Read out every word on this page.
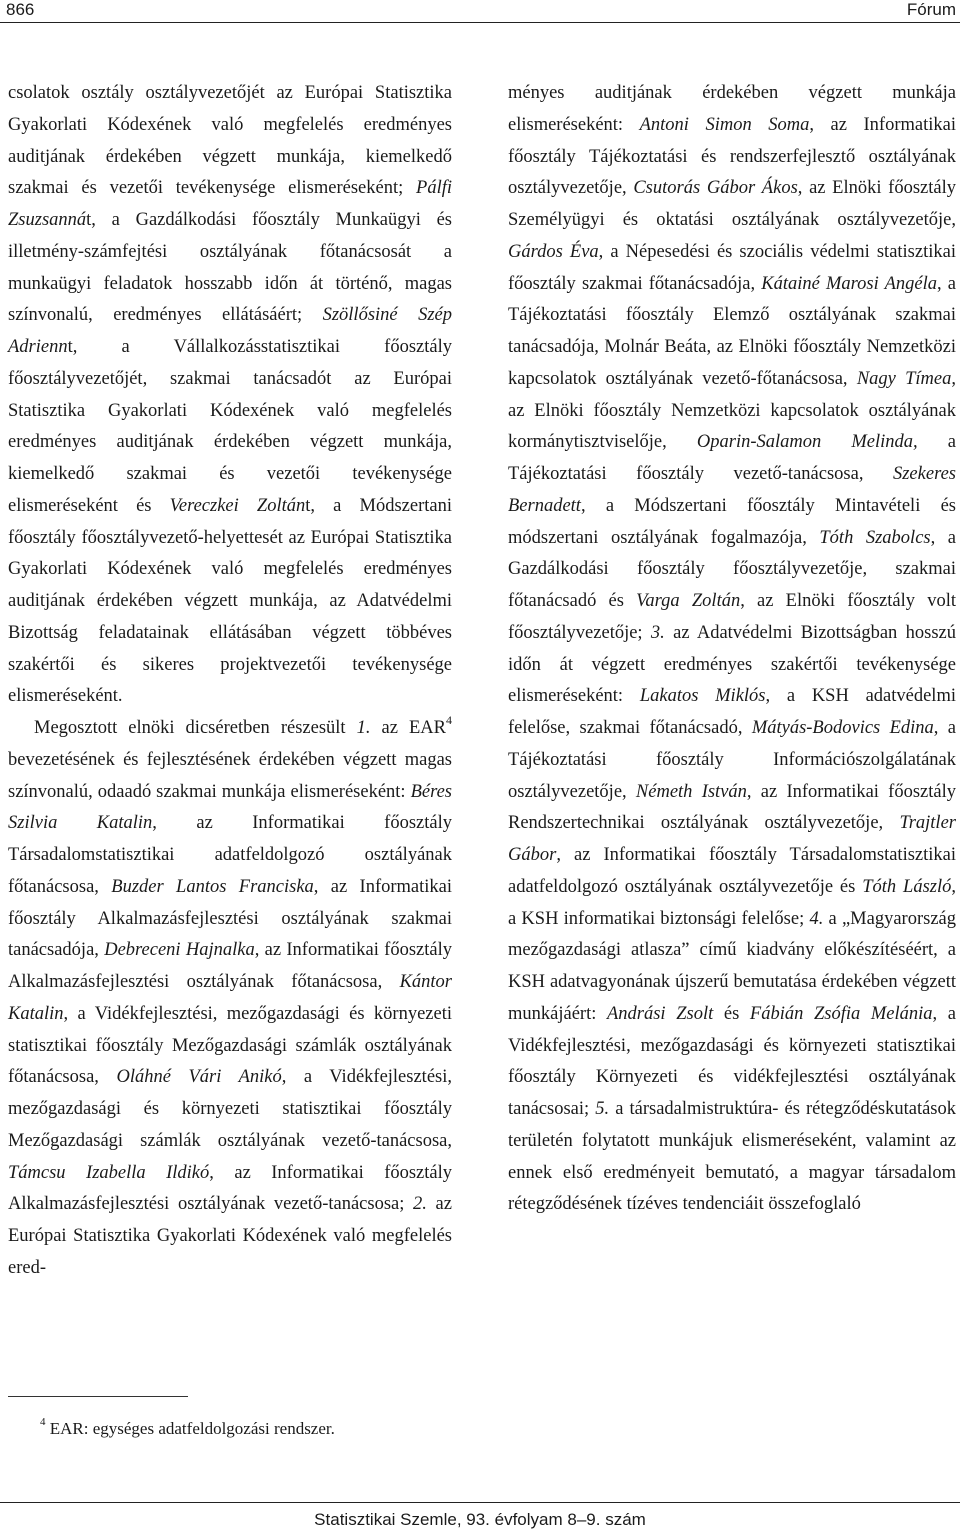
866	Fórum

csolatok osztály osztályvezetőjét az Európai Statisztika Gyakorlati Kódexének való megfelelés eredményes auditjának érdekében végzett munkája, kiemelkedő szakmai és vezetői tevékenysége elismeréseként; Pálfi Zsuzsannát, a Gazdálkodási főosztály Munkaügyi és illetmény-számfejtési osztályának főtanácsosát a munkaügyi feladatok hosszabb időn át történő, magas színvonalú, eredményes ellátásáért; Szöllősiné Szép Adriennt, a Vállalkozásstatisztikai főosztály főosztályvezetőjét, szakmai tanácsadót az Európai Statisztika Gyakorlati Kódexének való megfelelés eredményes auditjának érdekében végzett munkája, kiemelkedő szakmai és vezetői tevékenysége elismeréseként és Vereczkei Zoltánt, a Módszertani főosztály főosztályvezető-helyettesét az Európai Statisztika Gyakorlati Kódexének való megfelelés eredményes auditjának érdekében végzett munkája, az Adatvédelmi Bizottság feladatainak ellátásában végzett többéves szakértői és sikeres projektvezetői tevékenysége elismeréseként.

Megosztott elnöki dicséretben részesült 1. az EAR$^4$ bevezetésének és fejlesztésének érdekében végzett magas színvonalú, odaadó szakmai munkája elismeréseként: Béres Szilvia Katalin, az Informatikai főosztály Társadalomstatisztikai adatfeldolgozó osztályának főtanácsosa, Buzder Lantos Franciska, az Informatikai főosztály Alkalmazásfejlesztési osztályának szakmai tanácsadója, Debreceni Hajnalka, az Informatikai főosztály Alkalmazásfejlesztési osztályának főtanácsosa, Kántor Katalin, a Vidékfejlesztési, mezőgazdasági és környezeti statisztikai főosztály Mezőgazdasági számlák osztályának főtanácsosa, Oláhné Vári Anikó, a Vidékfejlesztési, mezőgazdasági és környezeti statisztikai főosztály Mezőgazdasági számlák osztályának vezető-tanácsosa, Támcsu Izabella Ildikó, az Informatikai főosztály Alkalmazásfejlesztési osztályának vezető-tanácsosa; 2. az Európai Statisztika Gyakorlati Kódexének való megfelelés ered-

ményes auditjának érdekében végzett munkája elismeréseként: Antoni Simon Soma, az Informatikai főosztály Tájékoztatási és rendszerfejlesztő osztályának osztályvezetője, Csutorás Gábor Ákos, az Elnöki főosztály Személyügyi és oktatási osztályának osztályvezetője, Gárdos Éva, a Népesedési és szociális védelmi statisztikai főosztály szakmai főtanácsadója, Kátainé Marosi Angéla, a Tájékoztatási főosztály Elemző osztályának szakmai tanácsadója, Molnár Beáta, az Elnöki főosztály Nemzetközi kapcsolatok osztályának vezető-főtanácsosa, Nagy Tímea, az Elnöki főosztály Nemzetközi kapcsolatok osztályának kormánytisztviselője, Oparin-Salamon Melinda, a Tájékoztatási főosztály vezető-tanácsosa, Szekeres Bernadett, a Módszertani főosztály Mintavételi és módszertani osztályának fogalmazója, Tóth Szabolcs, a Gazdálkodási főosztály főosztályvezetője, szakmai főtanácsadó és Varga Zoltán, az Elnöki főosztály volt főosztályvezetője; 3. az Adatvédelmi Bizottságban hosszú időn át végzett eredményes szakértői tevékenysége elismeréseként: Lakatos Miklós, a KSH adatvédelmi felelőse, szakmai főtanácsadó, Mátyás-Bodovics Edina, a Tájékoztatási főosztály Információszolgálatának osztályvezetője, Németh István, az Informatikai főosztály Rendszertechnikai osztályának osztályvezetője, Trajtler Gábor, az Informatikai főosztály Társadalomstatisztikai adatfeldolgozó osztályának osztályvezetője és Tóth László, a KSH informatikai biztonsági felelőse; 4. a „Magyarország mezőgazdasági atlasza” című kiadvány előkészítéséért, a KSH adatvagyonának újszerű bemutatása érdekében végzett munkájáért: Andrási Zsolt és Fábián Zsófia Melánia, a Vidékfejlesztési, mezőgazdasági és környezeti statisztikai főosztály Környezeti és vidékfejlesztési osztályának tanácsosai; 5. a társadalmistruktúra- és rétegződéskutatások területén folytatott munkájuk elismeréseként, valamint az ennek első eredményeit bemutató, a magyar társadalom rétegződésének tízéves tendenciáit összefoglaló

$^4$ EAR: egységes adatfeldolgozási rendszer.
Statisztikai Szemle, 93. évfolyam 8–9. szám
